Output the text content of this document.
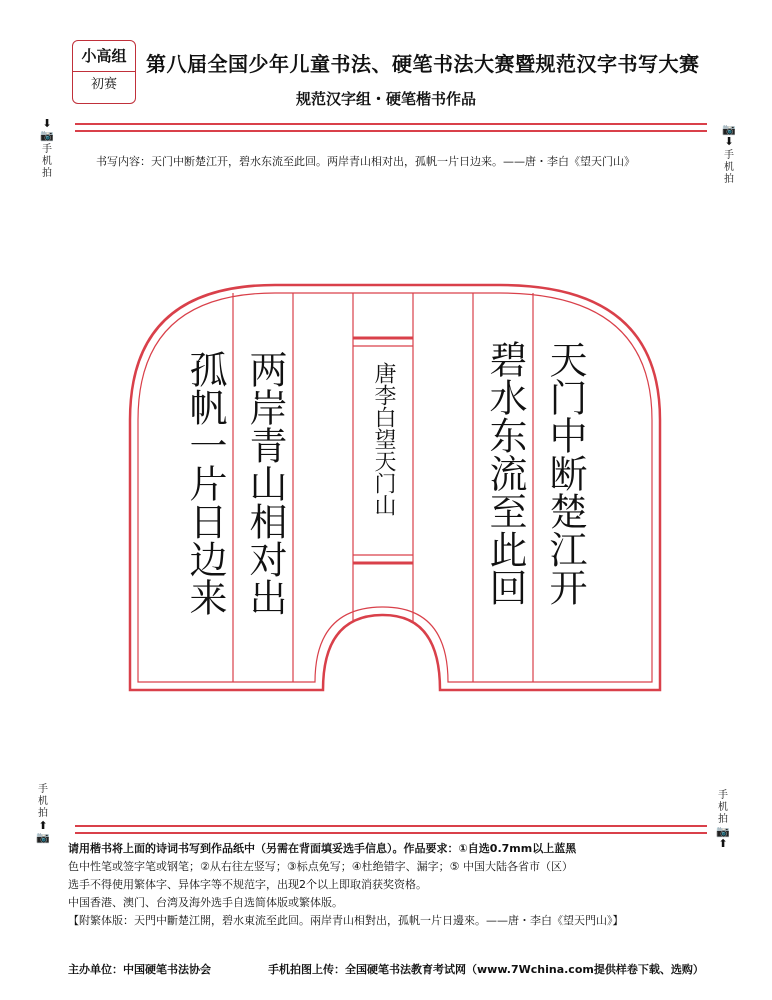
小高组
初赛
第八届全国少年儿童书法、硬笔书法大赛暨规范汉字书写大赛
规范汉字组・硬笔楷书作品
⬇📷
手机拍
📷⬇
手机拍
书写内容：天门中断楚江开，碧水东流至此回。两岸青山相对出，孤帆一片日边来。——唐・李白《望天门山》
天门中断楚江开
碧水东流至此回
唐李白望天门山
两岸青山相对出
孤帆一片日边来
手机拍
⬆📷
手机拍
📷⬆
请用楷书将上面的诗词书写到作品纸中（另需在背面填妥选手信息）。作品要求：①自选0.7mm以上蓝黑
色中性笔或签字笔或钢笔；②从右往左竖写；③标点免写；④杜绝错字、漏字；⑤ 中国大陆各省市（区）
选手不得使用繁体字、异体字等不规范字，出现2个以上即取消获奖资格。
中国香港、澳门、台湾及海外选手自选简体版或繁体版。
【附繁体版：天門中斷楚江開，碧水東流至此回。兩岸青山相對出，孤帆一片日邊來。——唐・李白《望天門山》】
主办单位：中国硬笔书法协会	手机拍图上传：全国硬笔书法教育考试网（www.7Wchina.com提供样卷下载、选购）
